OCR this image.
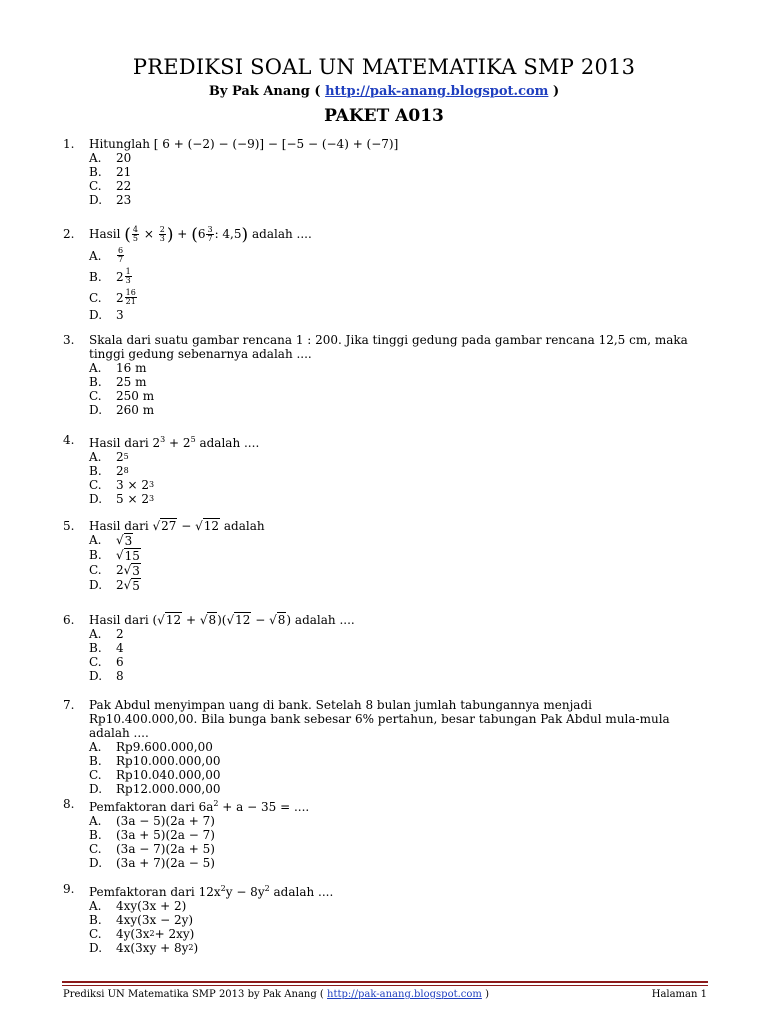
PREDIKSI SOAL UN MATEMATIKA SMP 2013
By Pak Anang ( http://pak-anang.blogspot.com )
PAKET A013
1.	Hitunglah [ 6 + (−2) − (−9)] − [−5 − (−4) + (−7)]
A.	20
B.	21
C.	22
D.	23
2.	Hasil ( $\frac{4}{5} \times \frac{2}{3}$ ) + ($6 \frac{3}{7}$ : 4,5) adalah ....
A.	$\frac{6}{7}$
B.	$2 \frac{1}{3}$
C.	$2 \frac{16}{21}$
D.	3
3.	Skala dari suatu gambar rencana 1 : 200. Jika tinggi gedung pada gambar rencana 12,5 cm, maka tinggi gedung sebenarnya adalah ....
A.	16 m
B.	25 m
C.	250 m
D.	260 m
4.	Hasil dari $2^3 + 2^5$ adalah ....
A.	2 5
B.	2 8
C.	3 × 2 3
D.	5 × 2 3
5.	Hasil dari √27 − √12 adalah
A.	√ 3
B.	√ 15
C.	2 √ 3
D.	2 √ 5
6.	Hasil dari (√12 + √8)(√12 − √8) adalah ....
A.	2
B.	4
C.	6
D.	8
7.	Pak Abdul menyimpan uang di bank. Setelah 8 bulan jumlah tabungannya menjadi Rp10.400.000,00. Bila bunga bank sebesar 6% pertahun, besar tabungan Pak Abdul mula-mula adalah ....
A.	Rp9.600.000,00
B.	Rp10.000.000,00
C.	Rp10.040.000,00
D.	Rp12.000.000,00
8.	Pemfaktoran dari $6a^2 + a - 35$ = ....
A.	(3a − 5)(2a + 7)
B.	(3a + 5)(2a − 7)
C.	(3a − 7)(2a + 5)
D.	(3a + 7)(2a − 5)
9.	Pemfaktoran dari $12x^2y - 8y^2$ adalah ....
A.	4xy(3x + 2)
B.	4xy(3x − 2y)
C.	4y(3x 2 + 2xy)
D.	4x(3xy + 8y 2 )
Prediksi UN Matematika SMP 2013 by Pak Anang ( http://pak-anang.blogspot.com )	Halaman 1
